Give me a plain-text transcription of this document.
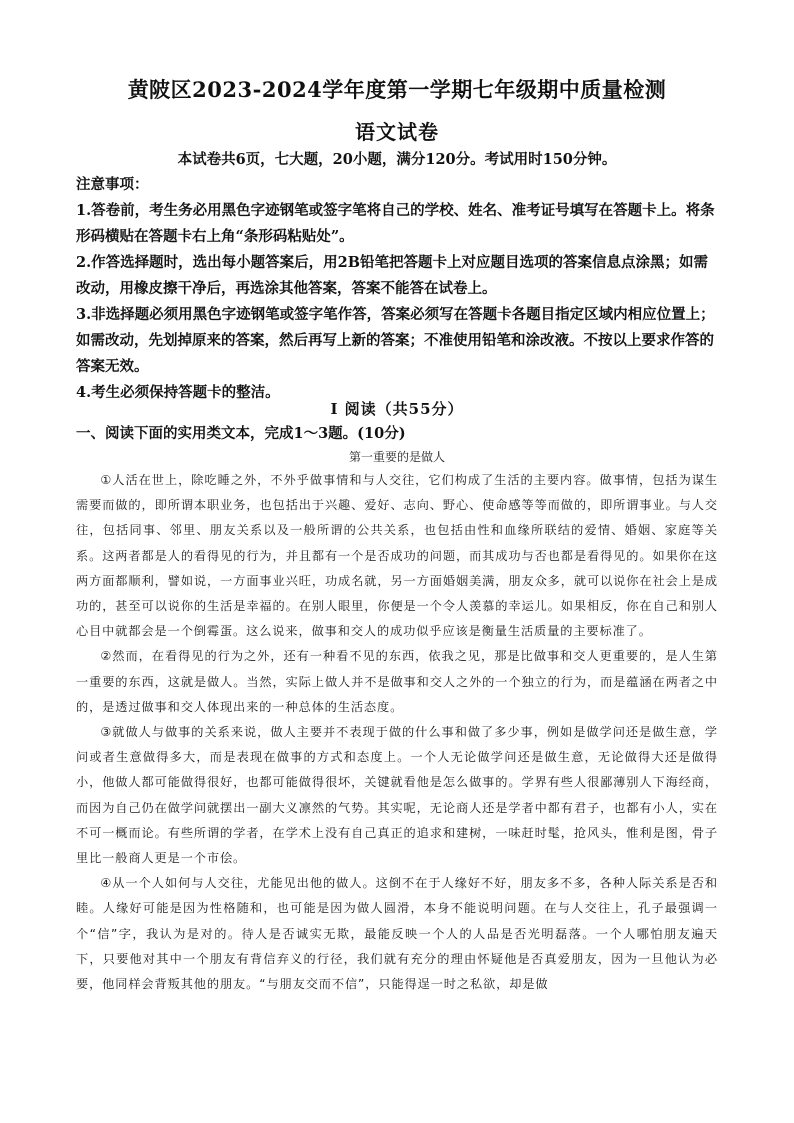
黄陂区2023-2024学年度第一学期七年级期中质量检测
语文试卷
本试卷共6页，七大题，20小题，满分120分。考试用时150分钟。

注意事项：

1.答卷前，考生务必用黑色字迹钢笔或签字笔将自己的学校、姓名、准考证号填写在答题卡上。将条形码横贴在答题卡右上角“条形码粘贴处”。

2.作答选择题时，选出每小题答案后，用2B铅笔把答题卡上对应题目选项的答案信息点涂黑；如需改动，用橡皮擦干净后，再选涂其他答案，答案不能答在试卷上。

3.非选择题必须用黑色字迹钢笔或签字笔作答，答案必须写在答题卡各题目指定区域内相应位置上；如需改动，先划掉原来的答案，然后再写上新的答案；不准使用铅笔和涂改液。不按以上要求作答的答案无效。

4.考生必须保持答题卡的整洁。

Ⅰ 阅读（共55分）
一、阅读下面的实用类文本，完成1～3题。(10分)
第一重要的是做人

①人活在世上，除吃睡之外，不外乎做事情和与人交往，它们构成了生活的主要内容。做事情，包括为谋生需要而做的，即所谓本职业务，也包括出于兴趣、爱好、志向、野心、使命感等等而做的，即所谓事业。与人交往，包括同事、邻里、朋友关系以及一般所谓的公共关系，也包括由性和血缘所联结的爱情、婚姻、家庭等关系。这两者都是人的看得见的行为，并且都有一个是否成功的问题，而其成功与否也都是看得见的。如果你在这两方面都顺利，譬如说，一方面事业兴旺，功成名就，另一方面婚姻美满，朋友众多，就可以说你在社会上是成功的，甚至可以说你的生活是幸福的。在别人眼里，你便是一个令人羡慕的幸运儿。如果相反，你在自己和别人心目中就都会是一个倒霉蛋。这么说来，做事和交人的成功似乎应该是衡量生活质量的主要标准了。

②然而，在看得见的行为之外，还有一种看不见的东西，依我之见，那是比做事和交人更重要的，是人生第一重要的东西，这就是做人。当然，实际上做人并不是做事和交人之外的一个独立的行为，而是蕴涵在两者之中的，是透过做事和交人体现出来的一种总体的生活态度。

③就做人与做事的关系来说，做人主要并不表现于做的什么事和做了多少事，例如是做学问还是做生意，学问或者生意做得多大，而是表现在做事的方式和态度上。一个人无论做学问还是做生意，无论做得大还是做得小，他做人都可能做得很好，也都可能做得很坏，关键就看他是怎么做事的。学界有些人很鄙薄别人下海经商，而因为自己仍在做学问就摆出一副大义凛然的气势。其实呢，无论商人还是学者中都有君子，也都有小人，实在不可一概而论。有些所谓的学者，在学术上没有自己真正的追求和建树，一味赶时髦，抢风头，惟利是图，骨子里比一般商人更是一个市侩。

④从一个人如何与人交往，尤能见出他的做人。这倒不在于人缘好不好，朋友多不多，各种人际关系是否和睦。人缘好可能是因为性格随和，也可能是因为做人圆滑，本身不能说明问题。在与人交往上，孔子最强调一个“信”字，我认为是对的。待人是否诚实无欺，最能反映一个人的人品是否光明磊落。一个人哪怕朋友遍天下，只要他对其中一个朋友有背信弃义的行径，我们就有充分的理由怀疑他是否真爱朋友，因为一旦他认为必要，他同样会背叛其他的朋友。“与朋友交而不信”，只能得逞一时之私欲，却是做
